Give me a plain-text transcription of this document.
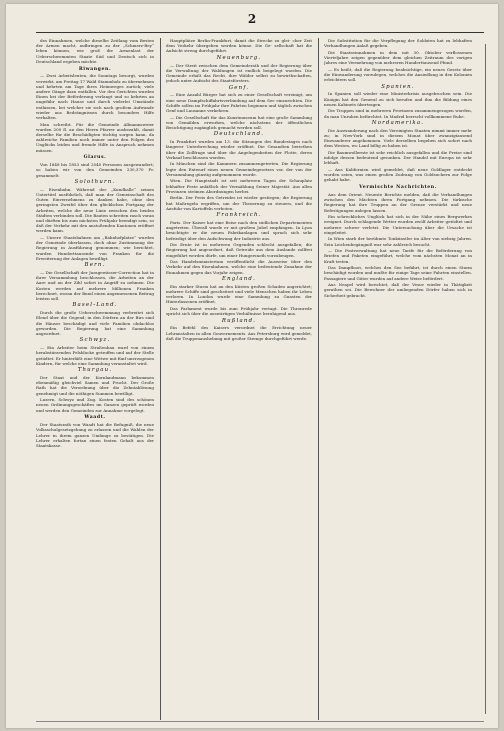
2
des Einnahmen, welche dieselbe Zeitlang vom Besten der Armen macht, aufbringen zu der „Schmerz-Bey“ leben können, wie groß die Armenlast der Ueberschwemmten Staate Süd und Deutsch sich in Deutschland ergeben möchte.
Riwangen.
— Zwei Arbeitsleuten, die Sonntags besorgt, wurden verwirkt, am Freitag 17 Wald Stammholz zu übernehmen und kehrten am Tage ihres Heimweges zurück; viele andere Gänge dazu entfallen. Vor den Gerichten wurden Einen bei der Beförderung verlangt und so kehrten an ungefähr nach Hause und durch vielerlei Umstände entlassen, bei welcher sie sich nach großem Aufwande wieder aus Bedrängnissen durch besonders Hilfe verhalten.
Man schreibt: Für die Gemeinde Allmannsweier wurden 200 fl. an den Herrn Pfarrer ausbezahlt, damit derselbe für die Beschädigten tüchtig sorgen kann, da zahlreiche Familien noch immer unter den Folgen des Unglücks leiden und fremde Hilfe in Anspruch nehmen müssen.
Glarus.
Von 1848 bis 1853 sind 2540 Personen ausgewandert; so haben wir von den Gemeinden 230,370 Fr. gesammelt.
Solothurn.
— Eisenbahn. Während der „Kundhalle“ seinen Untertitel ausführlich, daß man der Gemeinschaft des Guten Einvernehmens zu danken habe, ohne den geringsten Zweifel über den glücklichen Fortgang der Arbeiten, welche die neue Linie zwischen den beiden Städten verbinden soll. Die Bauten schreiten rasch voran und dürften bis zum nächsten Frühjahr beendigt sein, so daß der Verkehr mit den anstoßenden Kantonen eröffnet werden kann.
— Unsere Staatsbahnen am „Bahnhofplatze“ wurden der Gemeinde überlassen, doch ohne Zustimmung der Regierung in Ausführung genommen; wie berichtet, wurden Hunderttausende von Franken für die Erweiterung der Anlagen bewilligt.
Bern.
— Die Gesellschaft der Juragewässer-Correction hat in ihrer Versammlung beschlossen, die Arbeiten an der Aare und an der Zihl sofort in Angriff zu nehmen. Die Kosten werden auf mehrere Millionen Franken berechnet, woran der Bund einen angemessenen Beitrag leisten soll.
Basel-Land.
Durch die große Ueberschwemmung verbreitet sich Elend über die Gegend; in den Dörfern an der Birs sind die Häuser beschädigt und viele Familien obdachlos geworden. Die Regierung hat eine Sammlung angeordnet.
Schwyz.
— Ein Arbeiter beim Straßenbau ward von einem herabstürzenden Felsblocke getroffen und auf der Stelle getödtet. Er hinterläßt eine Wittwe mit fünf unerzogenen Kindern, für welche eine Sammlung veranstaltet wird.
Thurgau.
Der Staat und der Kornlandmann bekommen ebenmäßig gleichviel Samen und Frucht. Der Große Rath hat die Verordnung über die Zehntablösung genehmigt und die nöthigen Summen bewilligt.
Luzern, Schwyz und Zug. Kosten sind des schönen neuen Ordinungsgeschäftes im Ganzen geprüft worden und werden den Gemeinden zur Annahme vorgelegt.
Waadt.
Der Staatsrath von Waadt hat die Befugniß, die neue Volksschulgesetzgebung zu erlassen und die Wahlen der Lehrer in ihrem ganzen Umfange zu bestätigen. Die Lehrer erhalten fortan einen festen Gehalt aus der Staatskasse.
Hauptplätze Berlin-Frankfurt, damit die Strecke zu glei- cher Zeit dem Verkehr übergeben werden könne. Die Ge- sellschaft hat die Aufsicht streng durchgeführt.
Neuenburg.
— Der Streit zwischen dem Gemeinderath und der Regierung über die Verwaltung der Waldungen ist endlich beigelegt worden. Die Gemeinde erhält das Recht, ihre Wälder selbst zu bewirthschaften, jedoch unter Aufsicht des Staatsförsters.
Genf.
— Eine Anzahl Bürger hat sich zu einer Gesellschaft vereinigt, um eine neue Dampfschiffahrtsverbindung auf dem See einzurichten. Die Schiffe sollen im Frühjahr ihre Fahrten beginnen und täglich zwischen Genf und Lausanne verkehren.
— Die Gesellschaft für das Kunstmuseum hat eine große Sammlung von Gemälden erworben, welche nächstens der öffentlichen Besichtigung zugänglich gemacht werden soll.
Deutschland.
In Frankfurt wurden am 13. die Sitzungen des Bundestages nach längerer Unterbrechung wieder eröffnet. Die Gesandten beriethen über die Zollfrage und über die Angelegenheiten der Flotte, deren Verkauf beschlossen worden.
In München sind die Kammern zusammengetreten. Die Regierung legte den Entwurf eines neuen Gemeindegesetzes vor, der von der Versammlung günstig aufgenommen wurde.
Wien. Die Hauptstadt ist seit mehreren Tagen der Schauplatz lebhafter Feste anläßlich der Vermählung Seiner Majestät. Aus allen Provinzen strömen Abordnungen herbei.
Berlin. Der Preis des Getreides ist wieder gestiegen; die Regierung hat Maßregeln ergriffen, um der Theuerung zu steuern, und die Ausfuhr von Kartoffeln verboten.
Frankreich.
Paris. Der Kaiser hat eine Reise nach den südlichen Departementen angetreten. Überall wurde er mit großem Jubel empfangen. In Lyon besichtigte er die neuen Fabrikanlagen und sprach sich sehr befriedigt über den Aufschwung der Industrie aus.
Die Ernte ist in mehreren Gegenden schlecht ausgefallen; die Regierung hat angeordnet, daß Getreide aus dem Auslande zollfrei eingeführt werden dürfe, um einer Hungersnoth vorzubeugen.
Das Handelsministerium veröffentlicht die Ausweise über den Verkehr auf den Eisenbahnen, welche eine bedeutende Zunahme der Einnahmen gegen das Vorjahr zeigen.
England.
Ein starker Sturm hat an den Küsten großen Schaden angerichtet; mehrere Schiffe sind gescheitert und viele Menschen haben ihr Leben verloren. In London wurde eine Sammlung zu Gunsten der Hinterlassenen eröffnet.
Das Parlament wurde bis zum Frühjahr vertagt. Die Thronrede spricht sich über die auswärtigen Verhältnisse beruhigend aus.
Rußland.
Ein Befehl des Kaisers verordnet die Errichtung neuer Lehranstalten in allen Gouvernements. Aus Petersburg wird gemeldet, daß die Truppenaushebung mit großer Strenge durchgeführt werde.
Die Substitution für die Verpflegung der Soldaten hat zu lebhaften Verhandlungen Anlaß gegeben.
Die Staatseinnahmen in dem mit 30. Oktober verflossenen Vierteljahre zeigen gegenüber dem gleichen Zeitraum des vorigen Jahres eine Vermehrung von mehreren Hunderttausend Pfund.
— Es heißt, daß die Regierung beabsichtige, ein neues Gesetz über die Einwanderung vorzulegen, welches die Ansiedlung in den Kolonien erleichtern soll.
Spanien.
In Spanien soll wieder eine Ministerkrisis ausgebrochen sein. Die Königin hat den General zu sich berufen und ihm die Bildung eines neuen Kabinets übertragen.
Die Truppen sind in mehreren Provinzen zusammengezogen worden, da man Unruhen befürchtet. In Madrid herrscht vollkommene Ruhe.
Nordamerika.
Die Auswanderung nach den Vereinigten Staaten nimmt immer mehr zu; in New-York sind in diesem Monat über zwanzigtausend Einwanderer angekommen. Viele derselben begeben sich sofort nach dem Westen, wo Land billig zu haben ist.
Die Baumwollernte ist sehr reichlich ausgefallen und die Preise sind infolge dessen bedeutend gesunken. Der Handel mit Europa ist sehr lebhaft.
— Aus Kalifornien wird gemeldet, daß neue Goldlager entdeckt worden seien, was einen großen Zudrang von Goldsuchern zur Folge gehabt habe.
Vermischte Nachrichten.
Aus dem Orient. Neueste Berichte melden, daß die Verhandlungen zwischen den Mächten ihren Fortgang nehmen. Die türkische Regierung hat ihre Truppen an der Grenze verstärkt und neue Befestigungen anlegen lassen.
Ein schreckliches Unglück hat sich in der Nähe eines Bergwerkes ereignet. Durch schlagende Wetter wurden zwölf Arbeiter getödtet und mehrere schwer verletzt. Die Untersuchung über die Ursache ist eingeleitet.
In Wien starb der berühmte Tonkünstler im Alter von siebzig Jahren. Sein Leichenbegängniß war sehr zahlreich besucht.
— Die Postverwaltung hat neue Tarife für die Beförderung von Briefen und Paketen eingeführt, welche vom nächsten Monat an in Kraft treten.
Das Dampfboot, welches den See befährt, ist durch einen Sturm beschädigt worden und mußte für einige Tage seine Fahrten einstellen. Passagiere und Güter wurden auf andere Weise befördert.
Aus Neapel wird berichtet, daß der Vesuv wieder in Thätigkeit gerathen sei. Die Bewohner der umliegenden Dörfer haben sich in Sicherheit gebracht.
